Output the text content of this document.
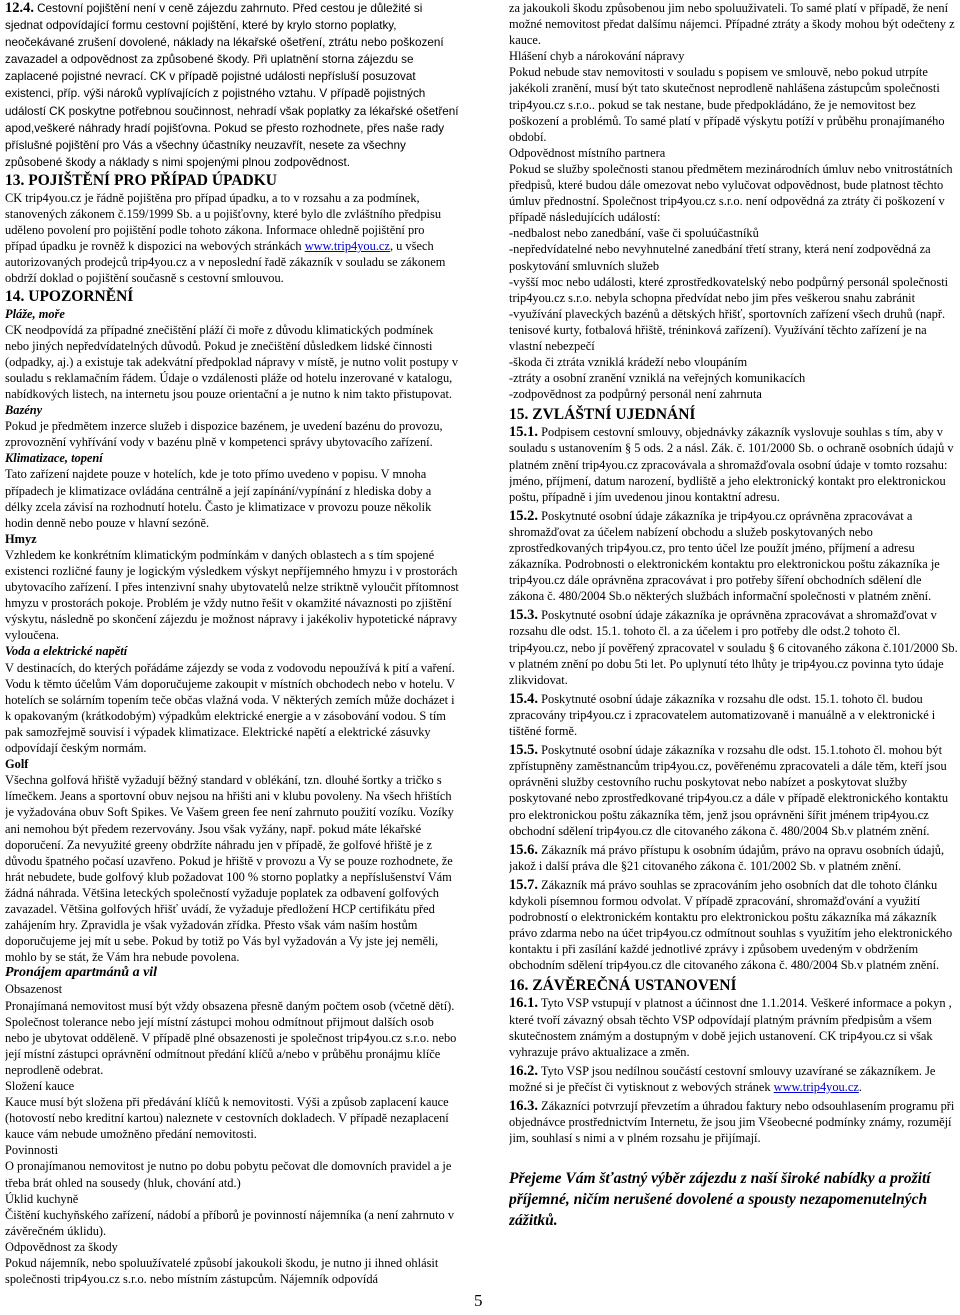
12.4. Cestovní pojištění není v ceně zájezdu zahrnuto. Před cestou je důležité si sjednat odpovídající formu cestovní pojištění, které by krylo storno poplatky, neočekávané zrušení dovolené, náklady na lékařské ošetření, ztrátu nebo poškození zavazadel a odpovědnost za způsobené škody. Při uplatnění storna zájezdu se zaplacené pojistné nevrací. CK v případě pojistné události nepřísluší posuzovat existenci, příp. výši nároků vyplívajících z pojistného vztahu. V případě pojistných událostí CK poskytne potřebnou součinnost, nehradí však poplatky za lékařské ošetření apod,veškeré náhrady hradí pojišťovna. Pokud se přesto rozhodnete, přes naše rady příslušné pojištění pro Vás a všechny účastníky neuzavřít, nesete za všechny způsobené škody a náklady s nimi spojenými plnou zodpovědnost.

13. POJIŠTĚNÍ PRO PŘÍPAD ÚPADKU

CK trip4you.cz je řádně pojištěna pro případ úpadku, a to v rozsahu a za podmínek, stanovených zákonem č.159/1999 Sb. a u pojišťovny, které bylo dle zvláštního předpisu uděleno povolení pro pojištění podle tohoto zákona. Informace ohledně pojištění pro případ úpadku je rovněž k dispozici na webových stránkách www.trip4you.cz, u všech autorizovaných prodejců trip4you.cz a v neposlední řadě zákazník v souladu se zákonem obdrží doklad o pojištění současně s cestovní smlouvou.

14. UPOZORNĚNÍ

Pláže, moře

CK neodpovídá za případné znečištění pláží či moře z důvodu klimatických podmínek nebo jiných nepředvídatelných důvodů. Pokud je znečištění důsledkem lidské činnosti (odpadky, aj.) a existuje tak adekvátní předpoklad nápravy v místě, je nutno volit postupy v souladu s reklamačním řádem. Údaje o vzdálenosti pláže od hotelu inzerované v katalogu, nabídkových listech, na internetu jsou pouze orientační a je nutno k nim takto přistupovat.

Bazény

Pokud je předmětem inzerce služeb i dispozice bazénem, je uvedení bazénu do provozu, zprovoznění vyhřívání vody v bazénu plně v kompetenci správy ubytovacího zařízení.

Klimatizace, topení

Tato zařízení najdete pouze v hotelích, kde je toto přímo uvedeno v popisu. V mnoha případech je klimatizace ovládána centrálně a její zapínání/vypínání z hlediska doby a délky zcela závisí na rozhodnutí hotelu. Často je klimatizace v provozu pouze několik hodin denně nebo pouze v hlavní sezóně.

Hmyz

Vzhledem ke konkrétním klimatickým podmínkám v daných oblastech a s tím spojené existenci rozličné fauny je logickým výsledkem výskyt nepříjemného hmyzu i v prostorách ubytovacího zařízení. I přes intenzivní snahy ubytovatelů nelze striktně vyloučit přítomnost hmyzu v prostorách pokoje. Problém je vždy nutno řešit v okamžité návaznosti po zjištění výskytu, následně po skončení zájezdu je možnost nápravy i jakékoliv hypotetické nápravy vyloučena.

Voda a elektrické napětí

V destinacích, do kterých pořádáme zájezdy se voda z vodovodu nepoužívá k pití a vaření. Vodu k těmto účelům Vám doporučujeme zakoupit v místních obchodech nebo v hotelu. V hotelích se solárním topením teče občas vlažná voda. V některých zemích může docházet i k opakovaným (krátkodobým) výpadkům elektrické energie a v zásobování vodou. S tím pak samozřejmě souvisí i výpadek klimatizace. Elektrické napětí a elektrické zásuvky odpovídají českým normám.

Golf

Všechna golfová hřiště vyžadují běžný standard v oblékání, tzn. dlouhé šortky a tričko s límečkem. Jeans a sportovní obuv nejsou na hřišti ani v klubu povoleny. Na všech hřištích je vyžadována obuv Soft Spikes. Ve Vašem green fee není zahrnuto použití vozíku. Vozíky ani nemohou být předem rezervovány. Jsou však vyžány, např. pokud máte lékařské doporučení. Za nevyužité greeny obdržíte náhradu jen v případě, že golfové hřiště je z důvodu špatného počasí uzavřeno. Pokud je hřiště v provozu a Vy se pouze rozhodnete, že hrát nebudete, bude golfový klub požadovat 100 % storno poplatky a nepříslušenství Vám žádná náhrada. Většina leteckých společností vyžaduje poplatek za odbavení golfových zavazadel. Většina golfových hřišť uvádí, že vyžaduje předložení HCP certifikátu před zahájením hry. Zpravidla je však vyžadován zřídka. Přesto však vám naším hostům doporučujeme jej mít u sebe. Pokud by totiž po Vás byl vyžadován a Vy jste jej neměli, mohlo by se stát, že Vám hra nebude povolena.

Pronájem apartmánů a vil

Obsazenost

Pronajímaná nemovitost musí být vždy obsazena přesně daným počtem osob (včetně dětí). Společnost tolerance nebo její místní zástupci mohou odmítnout přijmout dalších osob nebo je ubytovat odděleně. V případě plné obsazenosti je společnost trip4you.cz s.r.o. nebo její místní zástupci oprávnění odmítnout předání klíčů a/nebo v průběhu pronájmu klíče neprodleně odebrat.

Složení kauce

Kauce musí být složena při předávání klíčů k nemovitosti. Výši a způsob zaplacení kauce (hotovostí nebo kreditní kartou) naleznete v cestovních dokladech. V případě nezaplacení kauce vám nebude umožněno předání nemovitosti.

Povinnosti

O pronajímanou nemovitost je nutno po dobu pobytu pečovat dle domovních pravidel a je třeba brát ohled na sousedy (hluk, chování atd.)

Úklid kuchyně

Čištění kuchyňského zařízení, nádobí a příborů je povinností nájemníka (a není zahrnuto v závěrečném úklidu).

Odpovědnost za škody

Pokud nájemník, nebo spoluužívatelé způsobí jakoukoli škodu, je nutno ji ihned ohlásit společnosti trip4you.cz s.r.o. nebo místním zástupcům. Nájemník odpovídá

5

za jakoukoli škodu způsobenou jim nebo spoluuživateli. To samé platí v případě, že není možné nemovitost předat dalšímu nájemci. Případné ztráty a škody mohou být odečteny z kauce.

Hlášení chyb a nárokování nápravy

Pokud nebude stav nemovitosti v souladu s popisem ve smlouvě, nebo pokud utrpíte jakékoli zranění, musí být tato skutečnost neprodleně nahlášena zástupcům společnosti trip4you.cz s.r.o.. pokud se tak nestane, bude předpokládáno, že je nemovitost bez poškození a problémů. To samé platí v případě výskytu potíží v průběhu pronajímaného období.

Odpovědnost místního partnera

Pokud se služby společnosti stanou předmětem mezinárodních úmluv nebo vnitrostátních předpisů, které budou dále omezovat nebo vylučovat odpovědnost, bude platnost těchto úmluv přednostní. Společnost trip4you.cz s.r.o. není odpovědná za ztráty či poškození v případě následujících událostí:

-nedbalost nebo zanedbání, vaše či spoluúčastníků

-nepředvídatelné nebo nevyhnutelné zanedbání třetí strany, která není zodpovědná za poskytování smluvních služeb

-vyšší moc nebo události, které zprostředkovatelský nebo podpůrný personál společnosti trip4you.cz s.r.o. nebyla schopna předvídat nebo jim přes veškerou snahu zabránit

-využívání plaveckých bazénů a dětských hřišť, sportovních zařízení všech druhů (např. tenisové kurty, fotbalová hřiště, tréninková zařízení). Využívání těchto zařízení je na vlastní nebezpečí

-škoda či ztráta vzniklá krádeží nebo vloupáním

-ztráty a osobní zranění vzniklá na veřejných komunikacích

-zodpovědnost za podpůrný personál není zahrnuta

15. ZVLÁŠTNÍ UJEDNÁNÍ

15.1. Podpisem cestovní smlouvy, objednávky zákazník vyslovuje souhlas s tím, aby v souladu s ustanovením § 5 ods. 2 a násl. Zák. č. 101/2000 Sb. o ochraně osobních údajů v platném znění trip4you.cz zpracovávala a shromažďovala osobní údaje v tomto rozsahu: jméno, příjmení, datum narození, bydliště a jeho elektronický kontakt pro elektronickou poštu, případně i jím uvedenou jinou kontaktní adresu.

15.2. Poskytnuté osobní údaje zákazníka je trip4you.cz oprávněna zpracovávat a shromažďovat za účelem nabízení obchodu a služeb poskytovaných nebo zprostředkovaných trip4you.cz, pro tento účel lze použít jméno, příjmení a adresu zákazníka. Podrobnosti o elektronickém kontaktu pro elektronickou poštu zákazníka je trip4you.cz dále oprávněna zpracovávat i pro potřeby šíření obchodních sdělení dle zákona č. 480/2004 Sb.o některých službách informační společnosti v platném znění.

15.3. Poskytnuté osobní údaje zákazníka je oprávněna zpracovávat a shromažďovat v rozsahu dle odst. 15.1. tohoto čl. a za účelem i pro potřeby dle odst.2 tohoto čl. trip4you.cz, nebo jí pověřený zpracovatel v souladu § 6 citovaného zákona č.101/2000 Sb. v platném znění po dobu 5ti let. Po uplynutí této lhůty je trip4you.cz povinna tyto údaje zlikvidovat.

15.4. Poskytnuté osobní údaje zákazníka v rozsahu dle odst. 15.1. tohoto čl. budou zpracovány trip4you.cz i zpracovatelem automatizovaně i manuálně a v elektronické i tištěné formě.

15.5. Poskytnuté osobní údaje zákazníka v rozsahu dle odst. 15.1.tohoto čl. mohou být zpřístupněny zaměstnancům trip4you.cz, pověřenému zpracovateli a dále těm, kteří jsou oprávněni služby cestovního ruchu poskytovat nebo nabízet a poskytovat služby poskytované nebo zprostředkované trip4you.cz a dále v případě elektronického kontaktu pro elektronickou poštu zákazníka těm, jenž jsou oprávněni šířit jménem trip4you.cz obchodní sdělení trip4you.cz dle citovaného zákona č. 480/2004 Sb.v platném znění.

15.6. Zákazník má právo přístupu k osobním údajům, právo na opravu osobních údajů, jakož i další práva dle §21 citovaného zákona č. 101/2002 Sb. v platném znění.

15.7. Zákazník má právo souhlas se zpracováním jeho osobních dat dle tohoto článku kdykoli písemnou formou odvolat. V případě zpracování, shromažďování a využití podrobností o elektronickém kontaktu pro elektronickou poštu zákazníka má zákazník právo zdarma nebo na účet trip4you.cz odmítnout souhlas s využitím jeho elektronického kontaktu i při zasílání každé jednotlivé zprávy i způsobem uvedeným v obdržením obchodním sdělení trip4you.cz dle citovaného zákona č. 480/2004 Sb.v platném znění.

16. ZÁVĚREČNÁ USTANOVENÍ

16.1. Tyto VSP vstupují v platnost a účinnost dne 1.1.2014. Veškeré informace a pokyn , které tvoří závazný obsah těchto VSP odpovídají platným právním předpisům a všem skutečnostem známým a dostupným v době jejich ustanovení. CK trip4you.cz si však vyhrazuje právo aktualizace a změn.

16.2. Tyto VSP jsou nedílnou součástí cestovní smlouvy uzavírané se zákazníkem. Je možné si je přečíst či vytisknout z webových stránek www.trip4you.cz.

16.3. Zákazníci potvrzují převzetím a úhradou faktury nebo odsouhlasením programu při objednávce prostřednictvím Internetu, že jsou jim Všeobecné podmínky známy, rozumějí jim, souhlasí s nimi a v plném rozsahu je přijímají.

Přejeme Vám šťastný výběr zájezdu z naší široké nabídky a prožití příjemné, ničím nerušené dovolené a spousty nezapomenutelných zážitků.
